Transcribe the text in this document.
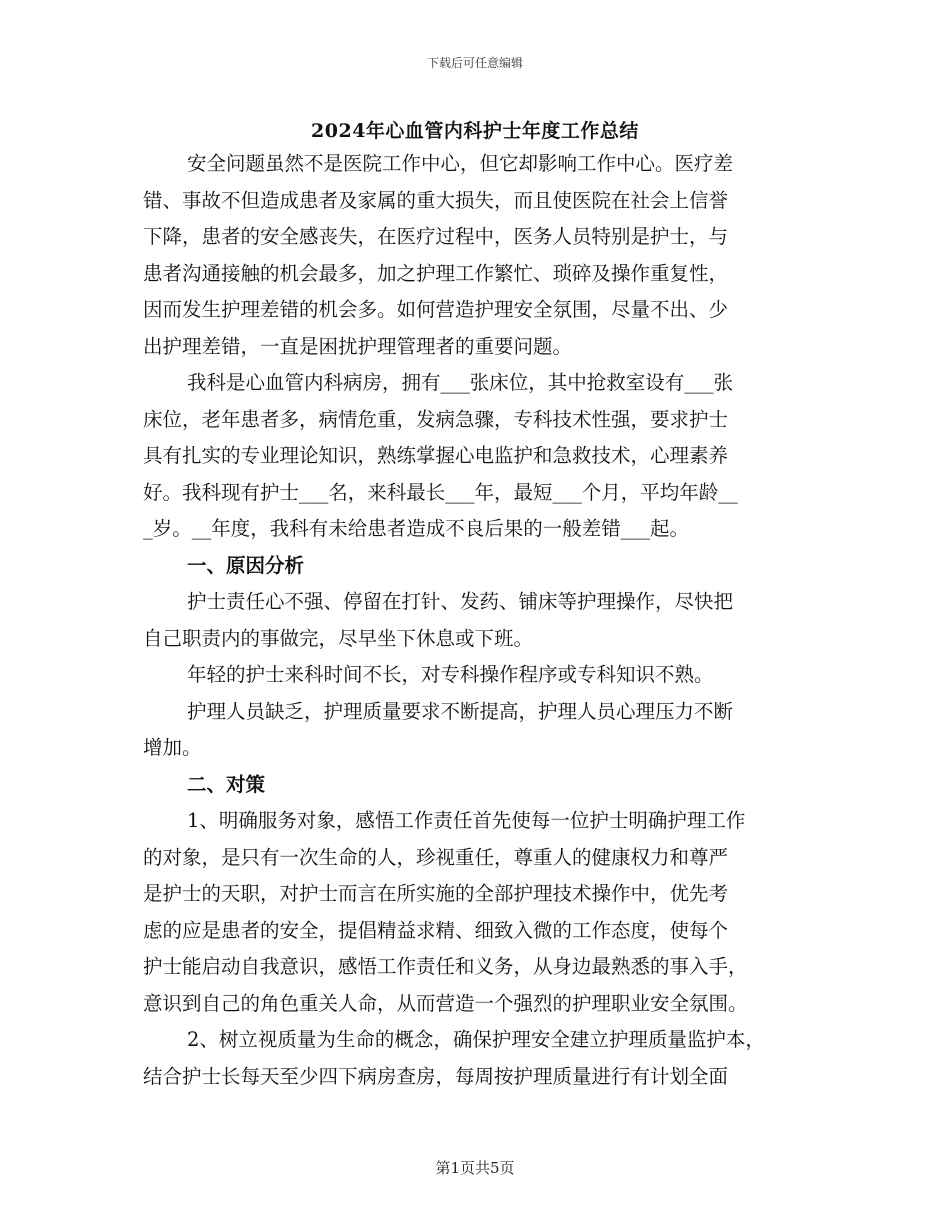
下载后可任意编辑
2024年心血管内科护士年度工作总结
安全问题虽然不是医院工作中心，但它却影响工作中心。医疗差
错、事故不但造成患者及家属的重大损失，而且使医院在社会上信誉
下降，患者的安全感丧失，在医疗过程中，医务人员特别是护士，与
患者沟通接触的机会最多，加之护理工作繁忙、琐碎及操作重复性，
因而发生护理差错的机会多。如何营造护理安全氛围，尽量不出、少
出护理差错，一直是困扰护理管理者的重要问题。
我科是心血管内科病房，拥有___张床位，其中抢救室设有___张
床位，老年患者多，病情危重，发病急骤，专科技术性强，要求护士
具有扎实的专业理论知识，熟练掌握心电监护和急救技术，心理素养
好。我科现有护士___名，来科最长___年，最短___个月，平均年龄__
_岁。__年度，我科有未给患者造成不良后果的一般差错___起。
一、原因分析
护士责任心不强、停留在打针、发药、铺床等护理操作，尽快把
自己职责内的事做完，尽早坐下休息或下班。
年轻的护士来科时间不长，对专科操作程序或专科知识不熟。
护理人员缺乏，护理质量要求不断提高，护理人员心理压力不断
增加。
二、对策
1、明确服务对象，感悟工作责任首先使每一位护士明确护理工作
的对象，是只有一次生命的人，珍视重任，尊重人的健康权力和尊严
是护士的天职，对护士而言在所实施的全部护理技术操作中，优先考
虑的应是患者的安全，提倡精益求精、细致入微的工作态度，使每个
护士能启动自我意识，感悟工作责任和义务，从身边最熟悉的事入手，
意识到自己的角色重关人命，从而营造一个强烈的护理职业安全氛围。
2、树立视质量为生命的概念，确保护理安全建立护理质量监护本，
结合护士长每天至少四下病房查房，每周按护理质量进行有计划全面
第1页共5页
